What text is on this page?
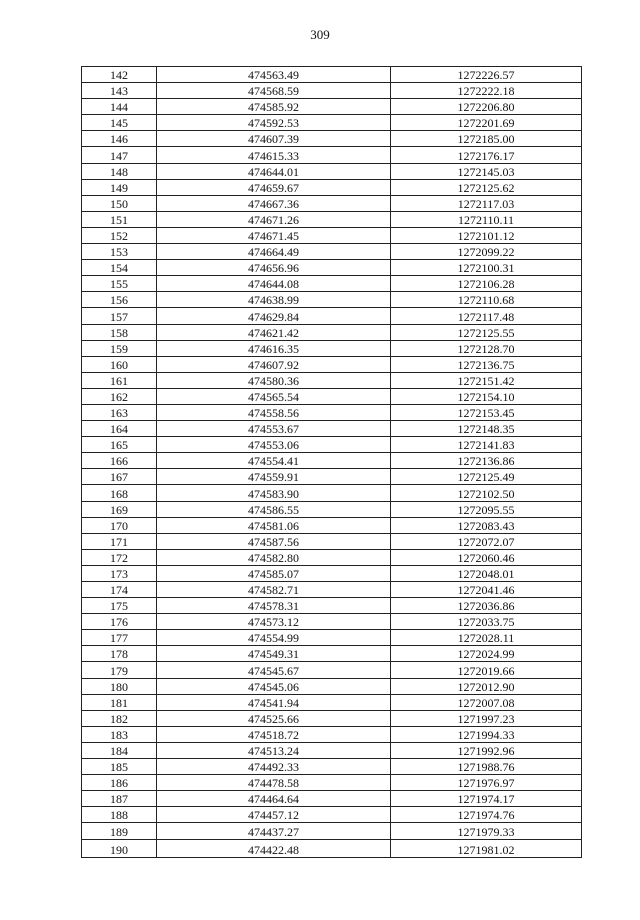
309
142	474563.49	1272226.57
143	474568.59	1272222.18
144	474585.92	1272206.80
145	474592.53	1272201.69
146	474607.39	1272185.00
147	474615.33	1272176.17
148	474644.01	1272145.03
149	474659.67	1272125.62
150	474667.36	1272117.03
151	474671.26	1272110.11
152	474671.45	1272101.12
153	474664.49	1272099.22
154	474656.96	1272100.31
155	474644.08	1272106.28
156	474638.99	1272110.68
157	474629.84	1272117.48
158	474621.42	1272125.55
159	474616.35	1272128.70
160	474607.92	1272136.75
161	474580.36	1272151.42
162	474565.54	1272154.10
163	474558.56	1272153.45
164	474553.67	1272148.35
165	474553.06	1272141.83
166	474554.41	1272136.86
167	474559.91	1272125.49
168	474583.90	1272102.50
169	474586.55	1272095.55
170	474581.06	1272083.43
171	474587.56	1272072.07
172	474582.80	1272060.46
173	474585.07	1272048.01
174	474582.71	1272041.46
175	474578.31	1272036.86
176	474573.12	1272033.75
177	474554.99	1272028.11
178	474549.31	1272024.99
179	474545.67	1272019.66
180	474545.06	1272012.90
181	474541.94	1272007.08
182	474525.66	1271997.23
183	474518.72	1271994.33
184	474513.24	1271992.96
185	474492.33	1271988.76
186	474478.58	1271976.97
187	474464.64	1271974.17
188	474457.12	1271974.76
189	474437.27	1271979.33
190	474422.48	1271981.02
